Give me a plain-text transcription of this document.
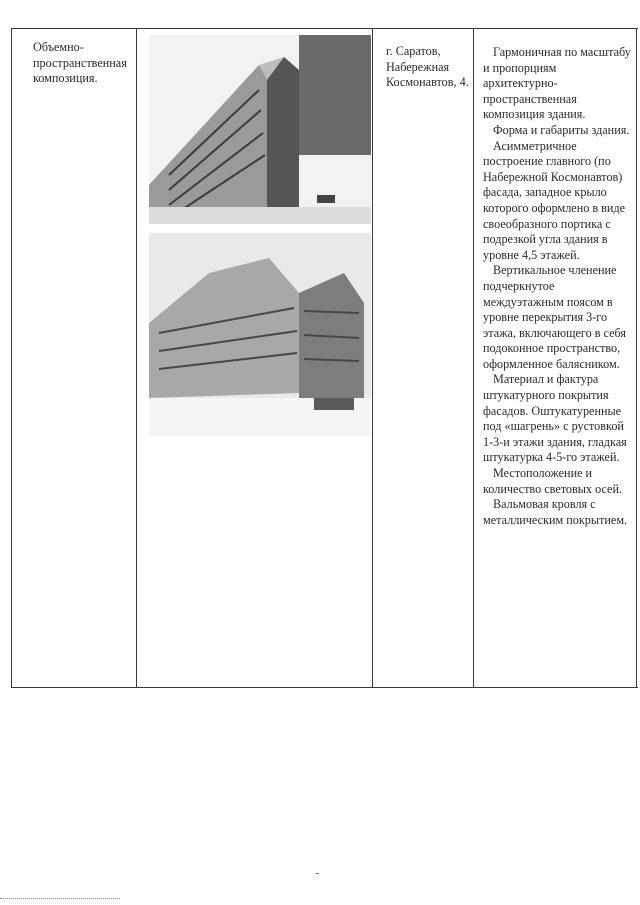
Объемно-пространственная композиция.
г. Саратов, Набережная Космонавтов, 4.

Гармоничная по масштабу и пропорциям архитектурно-пространственная композиция здания.

Форма и габариты здания.

Асимметричное построение главного (по Набережной Космонавтов) фасада, западное крыло которого оформлено в виде своеобразного портика с подрезкой угла здания в уровне 4,5 этажей.

Вертикальное членение подчеркнутое междуэтажным поясом в уровне перекрытия 3-го этажа, включающего в себя подоконное пространство, оформленное балясником.

Материал и фактура штукатурного покрытия фасадов. Оштукатуренные под «шагрень» с рустовкой 1-3-и этажи здания, гладкая штукатурка 4-5-го этажей.

Местоположение и количество световых осей.

Вальмовая кровля с металлическим покрытием.
